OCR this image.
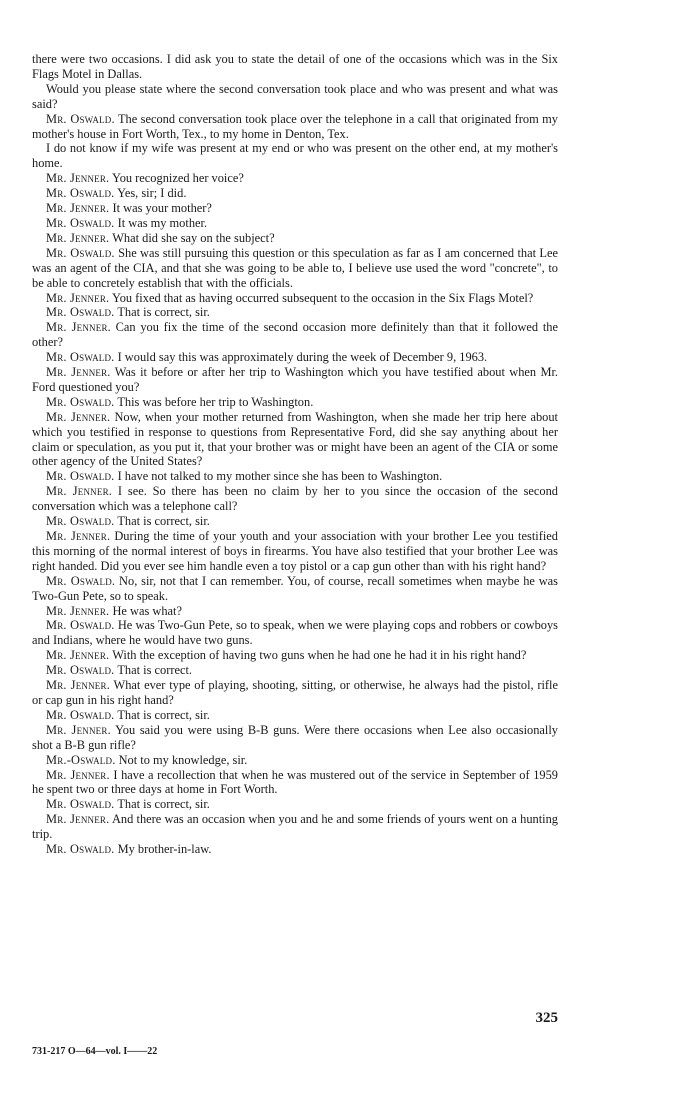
there were two occasions. I did ask you to state the detail of one of the occasions which was in the Six Flags Motel in Dallas.

Would you please state where the second conversation took place and who was present and what was said?

Mr. Oswald. The second conversation took place over the telephone in a call that originated from my mother's house in Fort Worth, Tex., to my home in Denton, Tex.

I do not know if my wife was present at my end or who was present on the other end, at my mother's home.

Mr. Jenner. You recognized her voice?

Mr. Oswald. Yes, sir; I did.

Mr. Jenner. It was your mother?

Mr. Oswald. It was my mother.

Mr. Jenner. What did she say on the subject?

Mr. Oswald. She was still pursuing this question or this speculation as far as I am concerned that Lee was an agent of the CIA, and that she was going to be able to, I believe use used the word "concrete", to be able to concretely establish that with the officials.

Mr. Jenner. You fixed that as having occurred subsequent to the occasion in the Six Flags Motel?

Mr. Oswald. That is correct, sir.

Mr. Jenner. Can you fix the time of the second occasion more definitely than that it followed the other?

Mr. Oswald. I would say this was approximately during the week of December 9, 1963.

Mr. Jenner. Was it before or after her trip to Washington which you have testified about when Mr. Ford questioned you?

Mr. Oswald. This was before her trip to Washington.

Mr. Jenner. Now, when your mother returned from Washington, when she made her trip here about which you testified in response to questions from Representative Ford, did she say anything about her claim or speculation, as you put it, that your brother was or might have been an agent of the CIA or some other agency of the United States?

Mr. Oswald. I have not talked to my mother since she has been to Washington.

Mr. Jenner. I see. So there has been no claim by her to you since the occasion of the second conversation which was a telephone call?

Mr. Oswald. That is correct, sir.

Mr. Jenner. During the time of your youth and your association with your brother Lee you testified this morning of the normal interest of boys in firearms. You have also testified that your brother Lee was right handed. Did you ever see him handle even a toy pistol or a cap gun other than with his right hand?

Mr. Oswald. No, sir, not that I can remember. You, of course, recall sometimes when maybe he was Two-Gun Pete, so to speak.

Mr. Jenner. He was what?

Mr. Oswald. He was Two-Gun Pete, so to speak, when we were playing cops and robbers or cowboys and Indians, where he would have two guns.

Mr. Jenner. With the exception of having two guns when he had one he had it in his right hand?

Mr. Oswald. That is correct.

Mr. Jenner. What ever type of playing, shooting, sitting, or otherwise, he always had the pistol, rifle or cap gun in his right hand?

Mr. Oswald. That is correct, sir.

Mr. Jenner. You said you were using B-B guns. Were there occasions when Lee also occasionally shot a B-B gun rifle?

Mr.-Oswald. Not to my knowledge, sir.

Mr. Jenner. I have a recollection that when he was mustered out of the service in September of 1959 he spent two or three days at home in Fort Worth.

Mr. Oswald. That is correct, sir.

Mr. Jenner. And there was an occasion when you and he and some friends of yours went on a hunting trip.

Mr. Oswald. My brother-in-law.

325
731-217 O—64—vol. I——22
